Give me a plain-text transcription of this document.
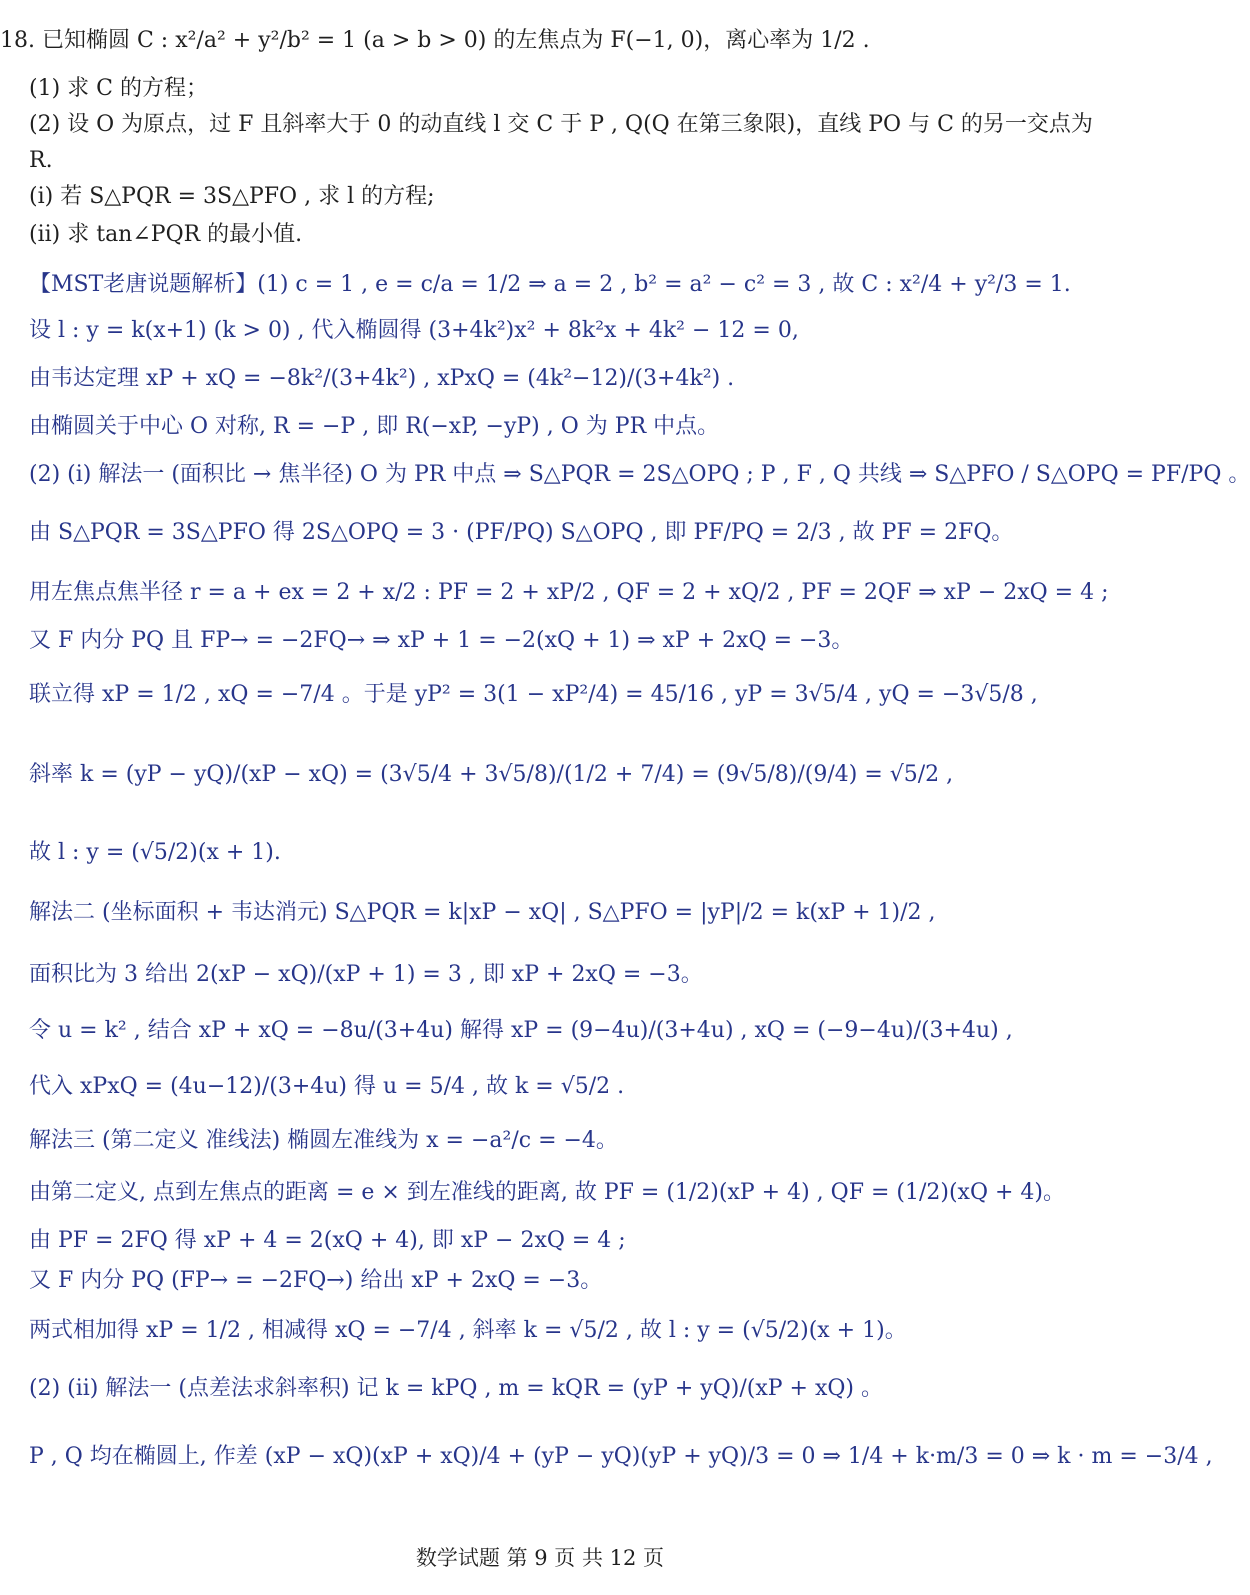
18. 已知椭圆 C : x²/a² + y²/b² = 1 (a > b > 0) 的左焦点为 F(−1, 0)，离心率为 1/2 .
(1) 求 C 的方程；
(2) 设 O 为原点，过 F 且斜率大于 0 的动直线 l 交 C 于 P , Q(Q 在第三象限)，直线 PO 与 C 的另一交点为
R.
(i) 若 S△PQR = 3S△PFO , 求 l 的方程;
(ii) 求 tan∠PQR 的最小值.
【MST老唐说题解析】(1) c = 1 , e = c/a = 1/2 ⇒ a = 2 , b² = a² − c² = 3 , 故 C : x²/4 + y²/3 = 1.
设 l : y = k(x+1) (k > 0) , 代入椭圆得 (3+4k²)x² + 8k²x + 4k² − 12 = 0,
由韦达定理 xP + xQ = −8k²/(3+4k²) , xPxQ = (4k²−12)/(3+4k²) .
由椭圆关于中心 O 对称, R = −P , 即 R(−xP, −yP) , O 为 PR 中点。
(2) (i) 解法一 (面积比 → 焦半径) O 为 PR 中点 ⇒ S△PQR = 2S△OPQ ; P , F , Q 共线 ⇒ S△PFO / S△OPQ = PF/PQ 。
由 S△PQR = 3S△PFO 得 2S△OPQ = 3 · (PF/PQ) S△OPQ , 即 PF/PQ = 2/3 , 故 PF = 2FQ。
用左焦点焦半径 r = a + ex = 2 + x/2 : PF = 2 + xP/2 , QF = 2 + xQ/2 , PF = 2QF ⇒ xP − 2xQ = 4 ;
又 F 内分 PQ 且 FP→ = −2FQ→ ⇒ xP + 1 = −2(xQ + 1) ⇒ xP + 2xQ = −3。
联立得 xP = 1/2 , xQ = −7/4 。于是 yP² = 3(1 − xP²/4) = 45/16 , yP = 3√5/4 , yQ = −3√5/8 ,
斜率 k = (yP − yQ)/(xP − xQ) = (3√5/4 + 3√5/8)/(1/2 + 7/4) = (9√5/8)/(9/4) = √5/2 ,
故 l : y = (√5/2)(x + 1).
解法二 (坐标面积 + 韦达消元) S△PQR = k|xP − xQ| , S△PFO = |yP|/2 = k(xP + 1)/2 ,
面积比为 3 给出 2(xP − xQ)/(xP + 1) = 3 , 即 xP + 2xQ = −3。
令 u = k² , 结合 xP + xQ = −8u/(3+4u) 解得 xP = (9−4u)/(3+4u) , xQ = (−9−4u)/(3+4u) ,
代入 xPxQ = (4u−12)/(3+4u) 得 u = 5/4 , 故 k = √5/2 .
解法三 (第二定义 准线法) 椭圆左准线为 x = −a²/c = −4。
由第二定义, 点到左焦点的距离 = e × 到左准线的距离, 故 PF = (1/2)(xP + 4) , QF = (1/2)(xQ + 4)。
由 PF = 2FQ 得 xP + 4 = 2(xQ + 4), 即 xP − 2xQ = 4 ;
又 F 内分 PQ (FP→ = −2FQ→) 给出 xP + 2xQ = −3。
两式相加得 xP = 1/2 , 相减得 xQ = −7/4 , 斜率 k = √5/2 , 故 l : y = (√5/2)(x + 1)。
(2) (ii) 解法一 (点差法求斜率积) 记 k = kPQ , m = kQR = (yP + yQ)/(xP + xQ) 。
P , Q 均在椭圆上, 作差 (xP − xQ)(xP + xQ)/4 + (yP − yQ)(yP + yQ)/3 = 0 ⇒ 1/4 + k·m/3 = 0 ⇒ k · m = −3/4 ,
数学试题 第 9 页 共 12 页
